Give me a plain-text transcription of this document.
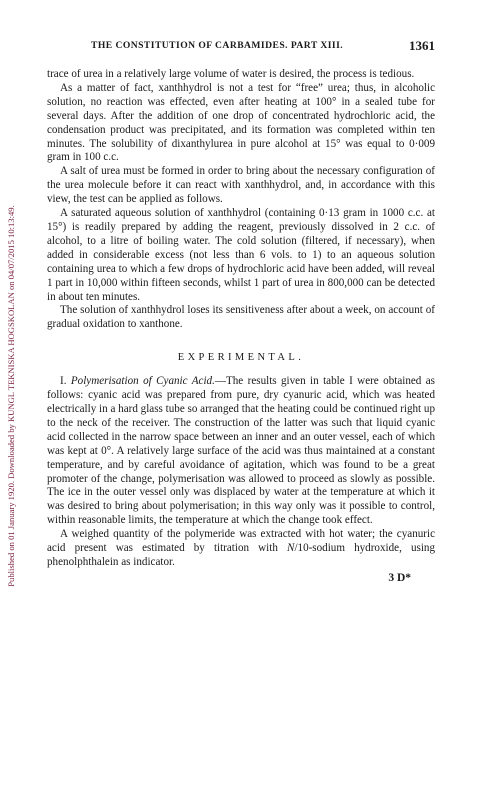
Published on 01 January 1920. Downloaded by KUNGL TEKNISKA HOGSKOLAN on 04/07/2015 10:13:49.
THE CONSTITUTION OF CARBAMIDES. PART XIII.	1361

trace of urea in a relatively large volume of water is desired, the process is tedious.

As a matter of fact, xanthhydrol is not a test for “free” urea; thus, in alcoholic solution, no reaction was effected, even after heating at 100° in a sealed tube for several days. After the addition of one drop of concentrated hydrochloric acid, the condensation product was precipitated, and its formation was completed within ten minutes. The solubility of dixanthylurea in pure alcohol at 15° was equal to 0·009 gram in 100 c.c.

A salt of urea must be formed in order to bring about the necessary configuration of the urea molecule before it can react with xanthhydrol, and, in accordance with this view, the test can be applied as follows.

A saturated aqueous solution of xanthhydrol (containing 0·13 gram in 1000 c.c. at 15°) is readily prepared by adding the reagent, previously dissolved in 2 c.c. of alcohol, to a litre of boiling water. The cold solution (filtered, if necessary), when added in considerable excess (not less than 6 vols. to 1) to an aqueous solution containing urea to which a few drops of hydrochloric acid have been added, will reveal 1 part in 10,000 within fifteen seconds, whilst 1 part of urea in 800,000 can be detected in about ten minutes.

The solution of xanthhydrol loses its sensitiveness after about a week, on account of gradual oxidation to xanthone.

EXPERIMENTAL.

I. Polymerisation of Cyanic Acid.—The results given in table I were obtained as follows: cyanic acid was prepared from pure, dry cyanuric acid, which was heated electrically in a hard glass tube so arranged that the heating could be continued right up to the neck of the receiver. The construction of the latter was such that liquid cyanic acid collected in the narrow space between an inner and an outer vessel, each of which was kept at 0°. A relatively large surface of the acid was thus maintained at a constant temperature, and by careful avoidance of agitation, which was found to be a great promoter of the change, polymerisation was allowed to proceed as slowly as possible. The ice in the outer vessel only was displaced by water at the temperature at which it was desired to bring about polymerisation; in this way only was it possible to control, within reasonable limits, the temperature at which the change took effect.

A weighed quantity of the polymeride was extracted with hot water; the cyanuric acid present was estimated by titration with N/10-sodium hydroxide, using phenolphthalein as indicator.

3 D*
